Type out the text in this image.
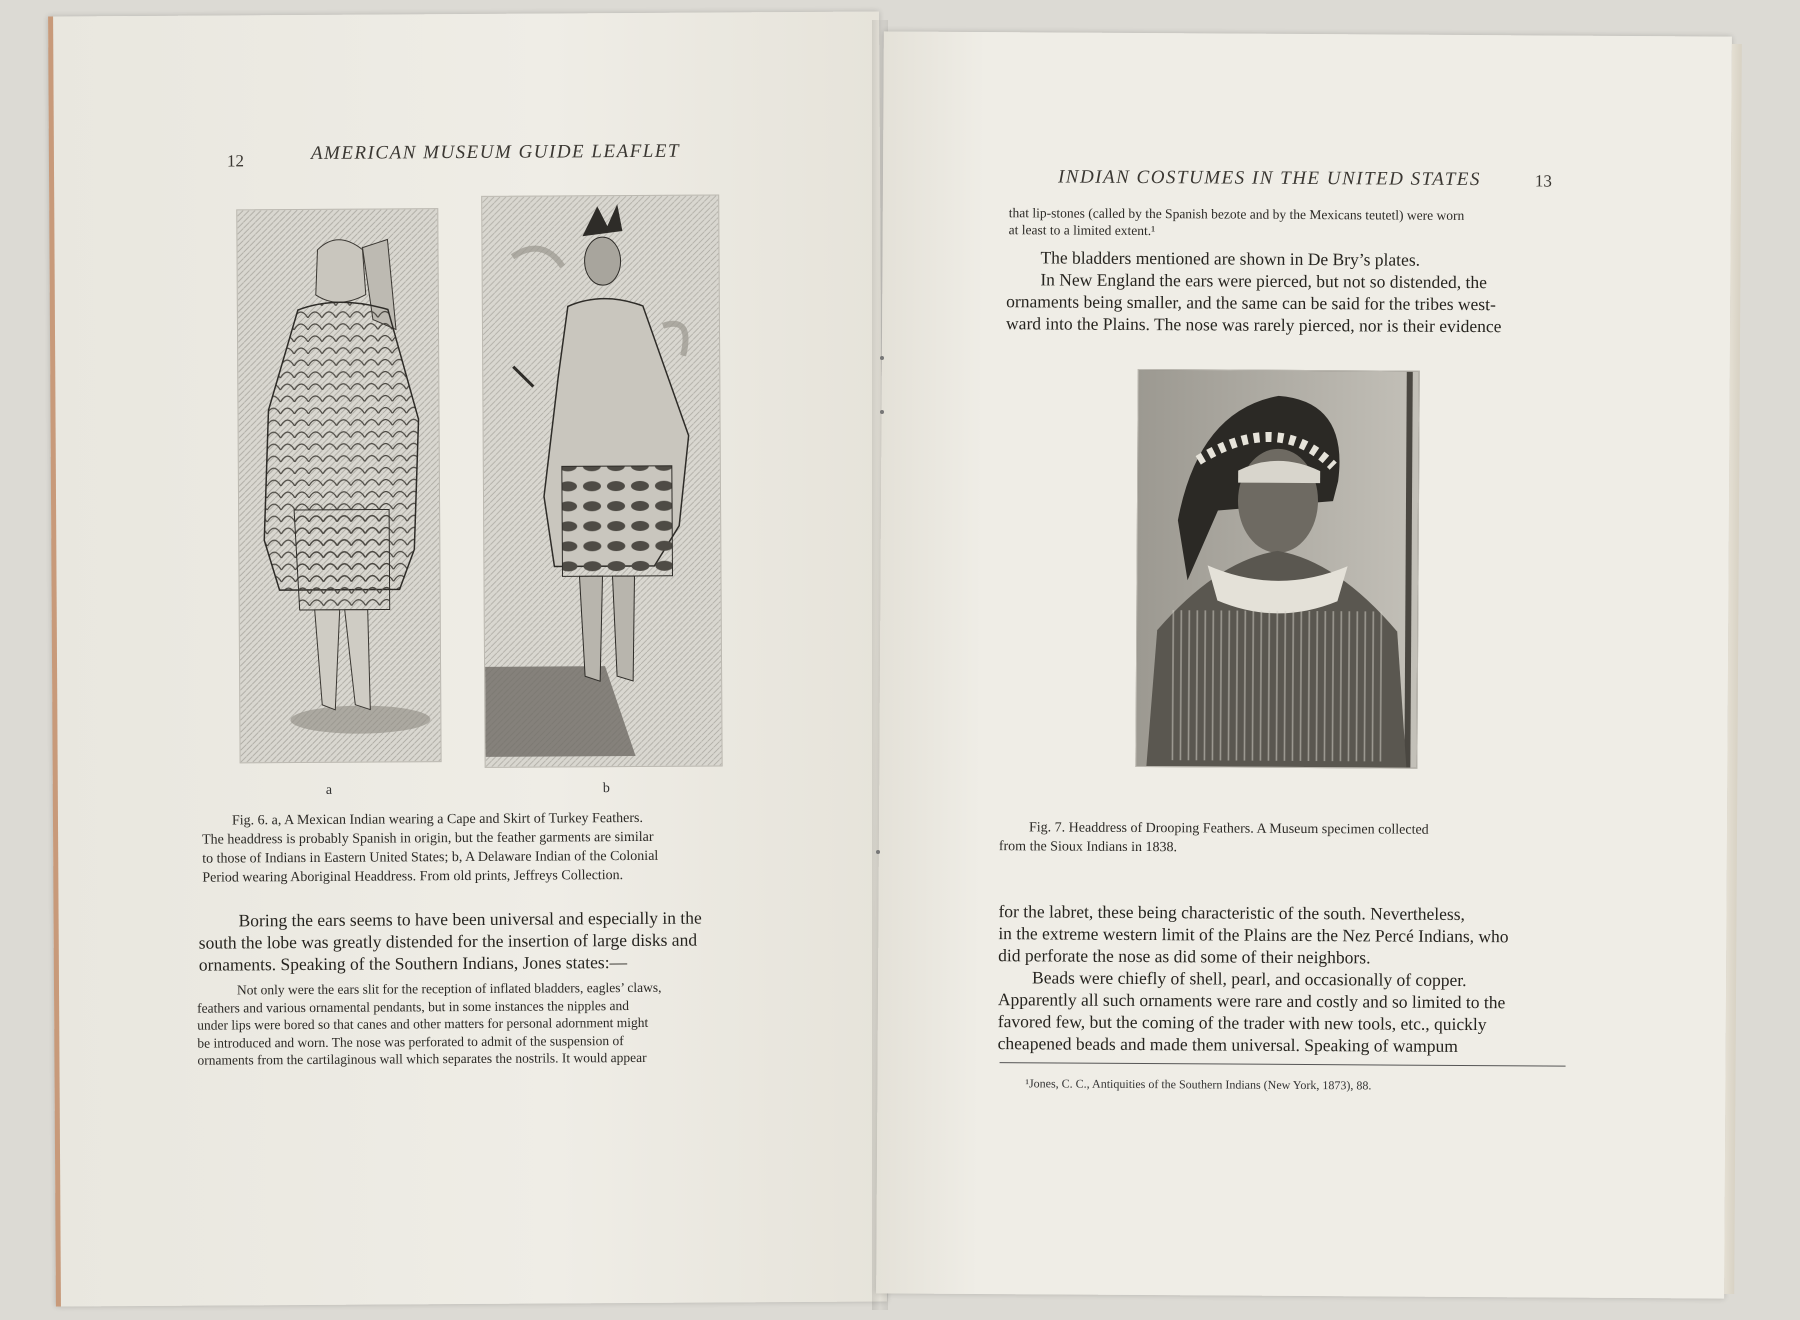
12	AMERICAN MUSEUM GUIDE LEAFLET
a	b

Fig. 6. a, A Mexican Indian wearing a Cape and Skirt of Turkey Feathers.

The headdress is probably Spanish in origin, but the feather garments are similar

to those of Indians in Eastern United States; b, A Delaware Indian of the Colonial

Period wearing Aboriginal Headdress. From old prints, Jeffreys Collection.

Boring the ears seems to have been universal and especially in the

south the lobe was greatly distended for the insertion of large disks and

ornaments. Speaking of the Southern Indians, Jones states:—

Not only were the ears slit for the reception of inflated bladders, eagles’ claws,

feathers and various ornamental pendants, but in some instances the nipples and

under lips were bored so that canes and other matters for personal adornment might

be introduced and worn. The nose was perforated to admit of the suspension of

ornaments from the cartilaginous wall which separates the nostrils. It would appear

INDIAN COSTUMES IN THE UNITED STATES	13

that lip-stones (called by the Spanish bezote and by the Mexicans teutetl) were worn

at least to a limited extent.¹

The bladders mentioned are shown in De Bry’s plates.

In New England the ears were pierced, but not so distended, the

ornaments being smaller, and the same can be said for the tribes west-

ward into the Plains. The nose was rarely pierced, nor is their evidence

Fig. 7. Headdress of Drooping Feathers. A Museum specimen collected

from the Sioux Indians in 1838.

for the labret, these being characteristic of the south. Nevertheless,

in the extreme western limit of the Plains are the Nez Percé Indians, who

did perforate the nose as did some of their neighbors.

Beads were chiefly of shell, pearl, and occasionally of copper.

Apparently all such ornaments were rare and costly and so limited to the

favored few, but the coming of the trader with new tools, etc., quickly

cheapened beads and made them universal. Speaking of wampum

¹Jones, C. C., Antiquities of the Southern Indians (New York, 1873), 88.
